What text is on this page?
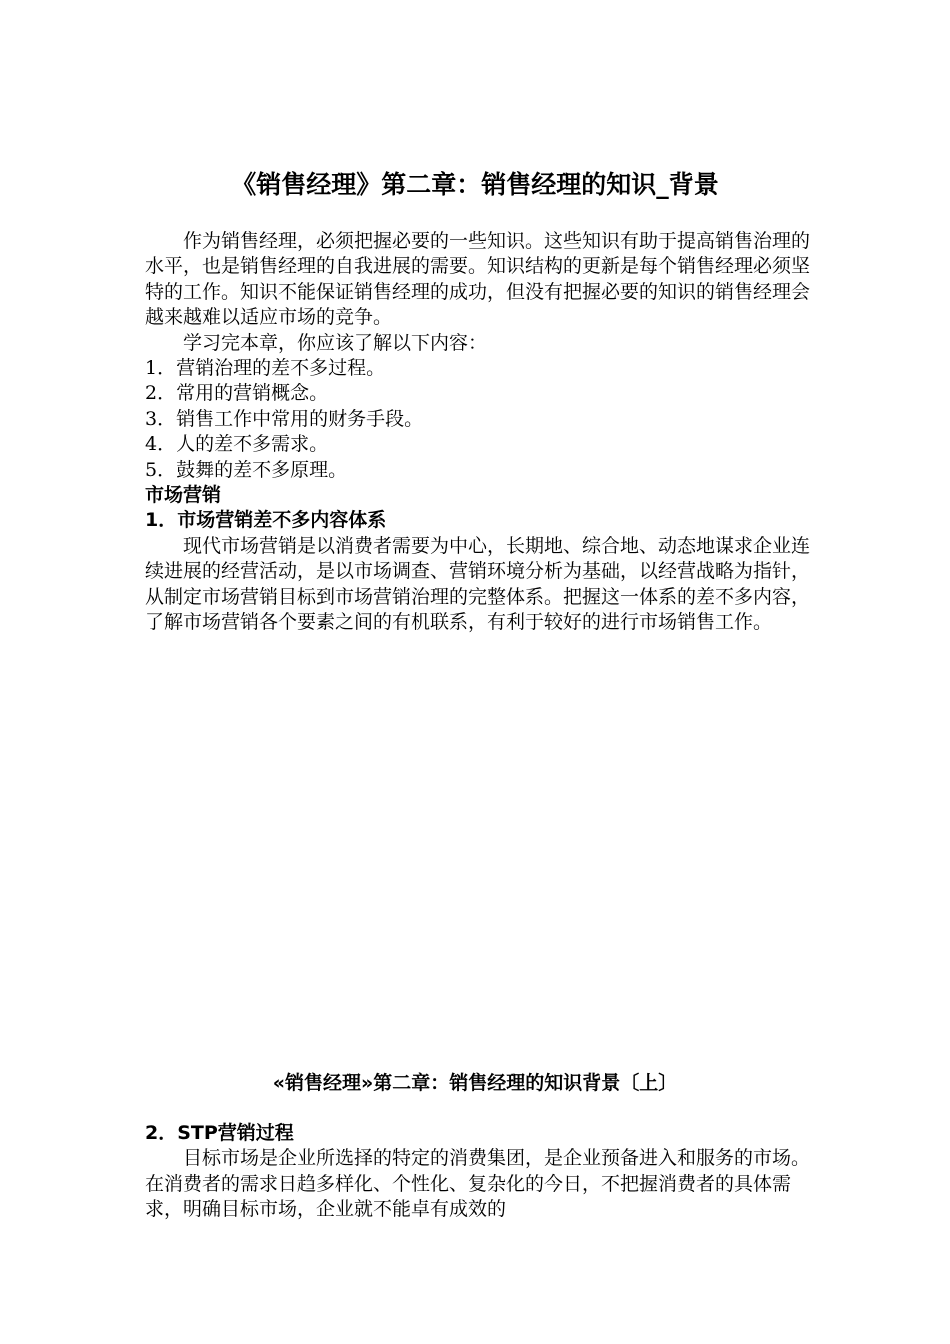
《销售经理》第二章：销售经理的知识_背景

作为销售经理，必须把握必要的一些知识。这些知识有助于提高销售治理的水平，也是销售经理的自我进展的需要。知识结构的更新是每个销售经理必须坚特的工作。知识不能保证销售经理的成功，但没有把握必要的知识的销售经理会越来越难以适应市场的竞争。

学习完本章，你应该了解以下内容：

1．营销治理的差不多过程。

2．常用的营销概念。

3．销售工作中常用的财务手段。

4．人的差不多需求。

5．鼓舞的差不多原理。

市场营销

1．市场营销差不多内容体系

现代市场营销是以消费者需要为中心，长期地、综合地、动态地谋求企业连续进展的经营活动，是以市场调查、营销环境分析为基础，以经营战略为指针，从制定市场营销目标到市场营销治理的完整体系。把握这一体系的差不多内容，了解市场营销各个要素之间的有机联系，有利于较好的进行市场销售工作。

«销售经理»第二章：销售经理的知识背景〔上〕

2．STP营销过程

目标市场是企业所选择的特定的消费集团，是企业预备进入和服务的市场。在消费者的需求日趋多样化、个性化、复杂化的今日，不把握消费者的具体需求，明确目标市场，企业就不能卓有成效的
